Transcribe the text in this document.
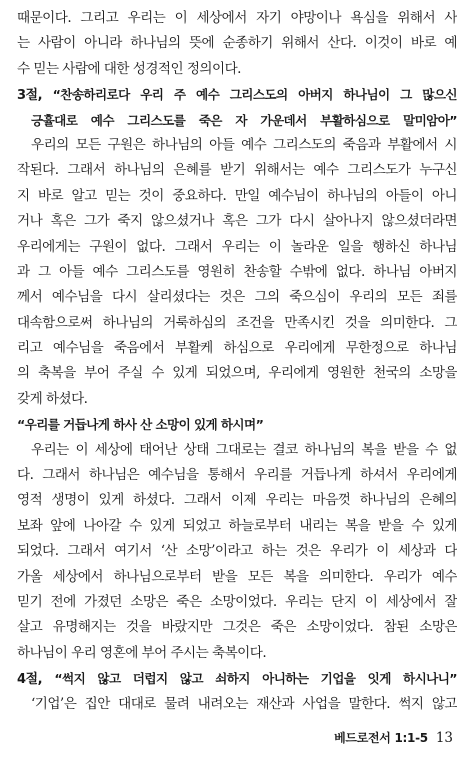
때문이다. 그리고 우리는 이 세상에서 자기 야망이나 욕심을 위해서 사
는 사람이 아니라 하나님의 뜻에 순종하기 위해서 산다. 이것이 바로 예
수 믿는 사람에 대한 성경적인 정의이다.
3절, “찬송하리로다 우리 주 예수 그리스도의 아버지 하나님이 그 많으신
긍휼대로 예수 그리스도를 죽은 자 가운데서 부활하심으로 말미암아”
우리의 모든 구원은 하나님의 아들 예수 그리스도의 죽음과 부활에서 시
작된다. 그래서 하나님의 은혜를 받기 위해서는 예수 그리스도가 누구신
지 바로 알고 믿는 것이 중요하다. 만일 예수님이 하나님의 아들이 아니
거나 혹은 그가 죽지 않으셨거나 혹은 그가 다시 살아나지 않으셨더라면
우리에게는 구원이 없다. 그래서 우리는 이 놀라운 일을 행하신 하나님
과 그 아들 예수 그리스도를 영원히 찬송할 수밖에 없다. 하나님 아버지
께서 예수님을 다시 살리셨다는 것은 그의 죽으심이 우리의 모든 죄를
대속함으로써 하나님의 거룩하심의 조건을 만족시킨 것을 의미한다. 그
리고 예수님을 죽음에서 부활케 하심으로 우리에게 무한정으로 하나님
의 축복을 부어 주실 수 있게 되었으며, 우리에게 영원한 천국의 소망을
갖게 하셨다.
“우리를 거듭나게 하사 산 소망이 있게 하시며”
우리는 이 세상에 태어난 상태 그대로는 결코 하나님의 복을 받을 수 없
다. 그래서 하나님은 예수님을 통해서 우리를 거듭나게 하셔서 우리에게
영적 생명이 있게 하셨다. 그래서 이제 우리는 마음껏 하나님의 은혜의
보좌 앞에 나아갈 수 있게 되었고 하늘로부터 내리는 복을 받을 수 있게
되었다. 그래서 여기서 ‘산 소망’이라고 하는 것은 우리가 이 세상과 다
가올 세상에서 하나님으로부터 받을 모든 복을 의미한다. 우리가 예수
믿기 전에 가졌던 소망은 죽은 소망이었다. 우리는 단지 이 세상에서 잘
살고 유명해지는 것을 바랐지만 그것은 죽은 소망이었다. 참된 소망은
하나님이 우리 영혼에 부어 주시는 축복이다.
4절, “썩지 않고 더럽지 않고 쇠하지 아니하는 기업을 잇게 하시나니”
‘기업’은 집안 대대로 물려 내려오는 재산과 사업을 말한다. 썩지 않고
베드로전서 1:1-5 13
